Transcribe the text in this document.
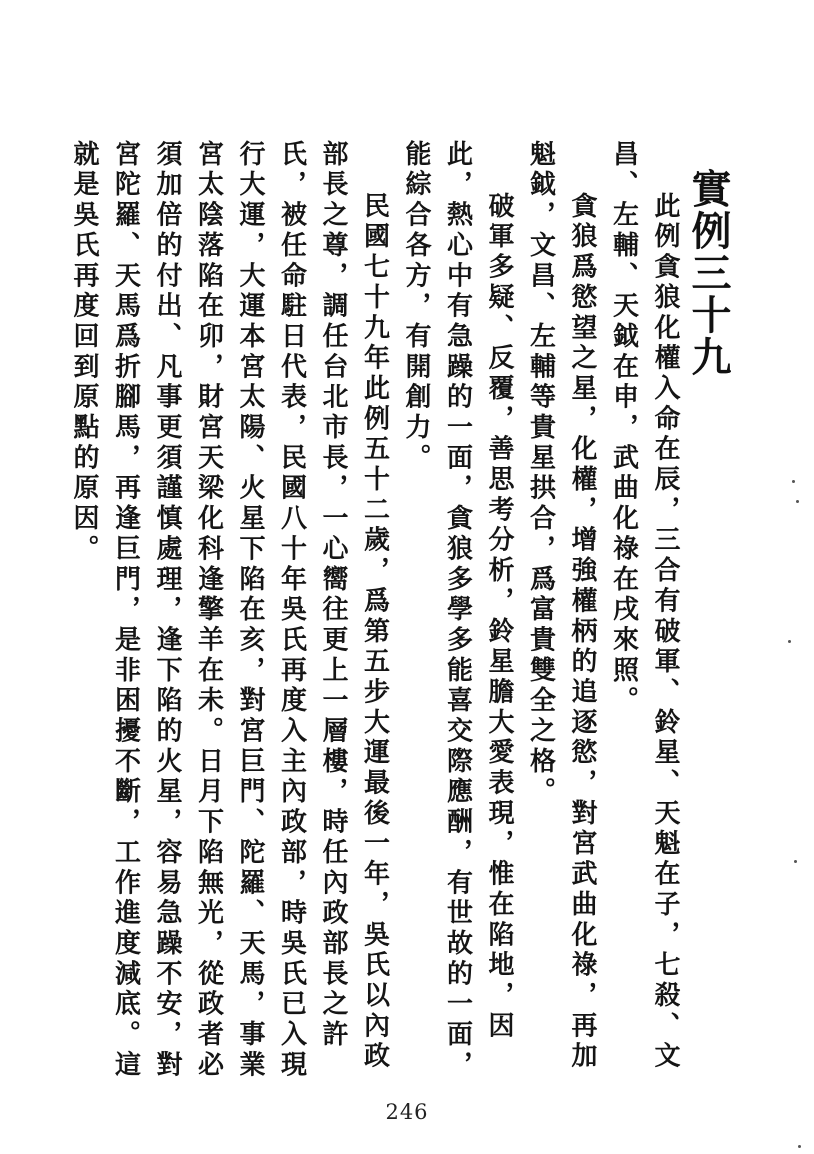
實例三十九

此例貪狼化權入命在辰，三合有破軍、鈴星、天魁在子，七殺、文昌、左輔、天鉞在申，武曲化祿在戌來照。

貪狼爲慾望之星，化權，增強權柄的追逐慾，對宮武曲化祿，再加魁鉞，文昌、左輔等貴星拱合，爲富貴雙全之格。

破軍多疑、反覆，善思考分析，鈴星膽大愛表現，惟在陷地，因此，熱心中有急躁的一面，貪狼多學多能喜交際應酬，有世故的一面，能綜合各方，有開創力。

民國七十九年此例五十二歲，爲第五步大運最後一年，吳氏以內政部長之尊，調任台北市長，一心嚮往更上一層樓，時任內政部長之許氏，被任命駐日代表，民國八十年吳氏再度入主內政部，時吳氏已入現行大運，大運本宮太陽、火星下陷在亥，對宮巨門、陀羅、天馬，事業宮太陰落陷在卯，財宮天梁化科逢擎羊在未。日月下陷無光，從政者必須加倍的付出、凡事更須謹慎處理，逢下陷的火星，容易急躁不安，對宮陀羅、天馬爲折腳馬，再逢巨門，是非困擾不斷，工作進度減底。這就是吳氏再度回到原點的原因。

246
